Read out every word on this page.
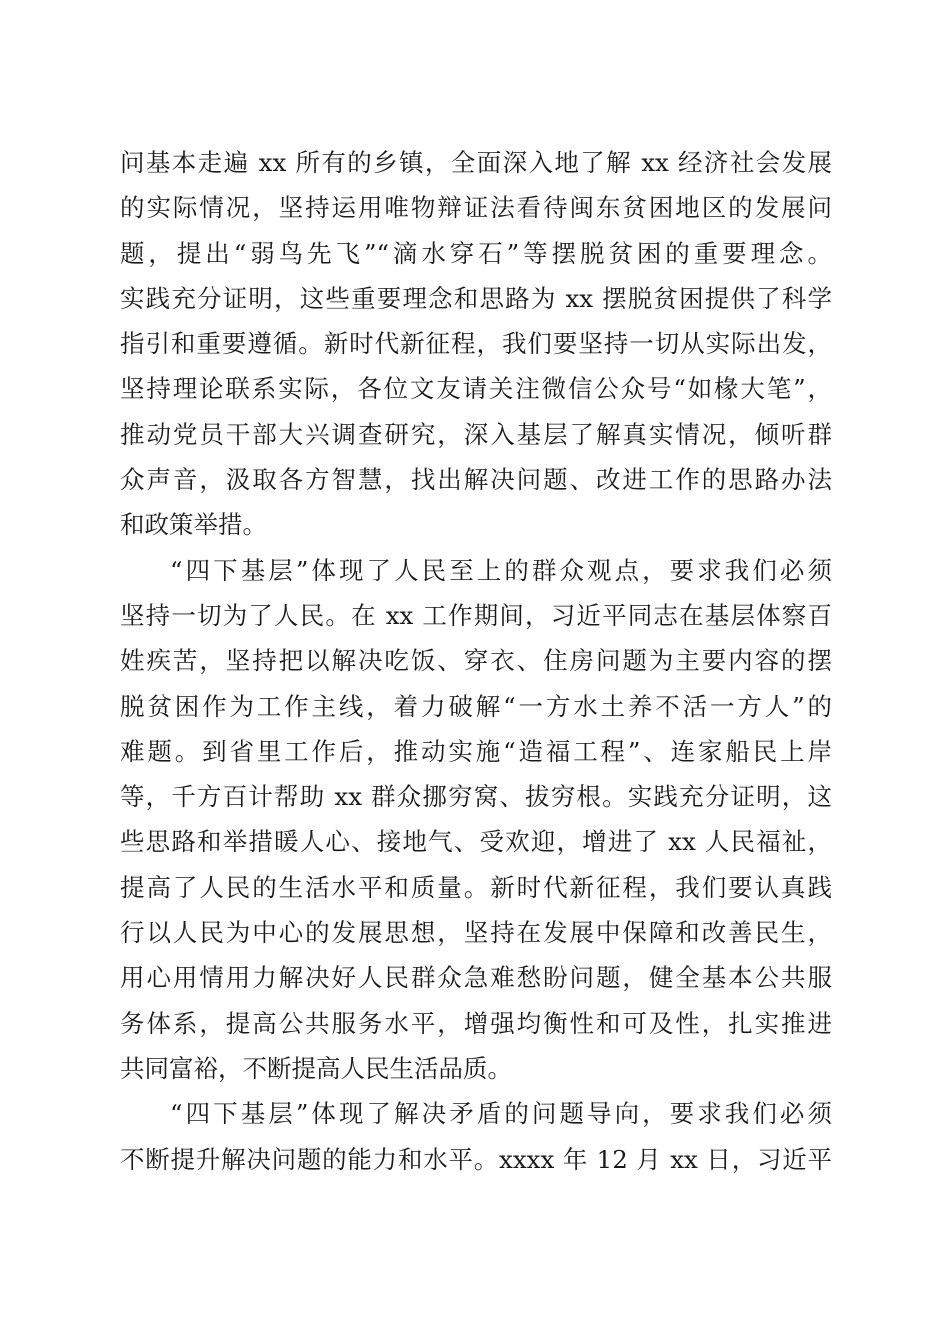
问基本走遍 xx 所有的乡镇，全面深入地了解 xx 经济社会发展
的实际情况，坚持运用唯物辩证法看待闽东贫困地区的发展问
题，提出“弱鸟先飞”“滴水穿石”等摆脱贫困的重要理念。
实践充分证明，这些重要理念和思路为 xx 摆脱贫困提供了科学
指引和重要遵循。新时代新征程，我们要坚持一切从实际出发，
坚持理论联系实际，各位文友请关注微信公众号“如椽大笔”，
推动党员干部大兴调查研究，深入基层了解真实情况，倾听群
众声音，汲取各方智慧，找出解决问题、改进工作的思路办法
和政策举措。
“四下基层”体现了人民至上的群众观点，要求我们必须
坚持一切为了人民。在 xx 工作期间，习近平同志在基层体察百
姓疾苦，坚持把以解决吃饭、穿衣、住房问题为主要内容的摆
脱贫困作为工作主线，着力破解“一方水土养不活一方人”的
难题。到省里工作后，推动实施“造福工程”、连家船民上岸
等，千方百计帮助 xx 群众挪穷窝、拔穷根。实践充分证明，这
些思路和举措暖人心、接地气、受欢迎，增进了 xx 人民福祉，
提高了人民的生活水平和质量。新时代新征程，我们要认真践
行以人民为中心的发展思想，坚持在发展中保障和改善民生，
用心用情用力解决好人民群众急难愁盼问题，健全基本公共服
务体系，提高公共服务水平，增强均衡性和可及性，扎实推进
共同富裕，不断提高人民生活品质。
“四下基层”体现了解决矛盾的问题导向，要求我们必须
不断提升解决问题的能力和水平。xxxx 年 12 月 xx 日，习近平
